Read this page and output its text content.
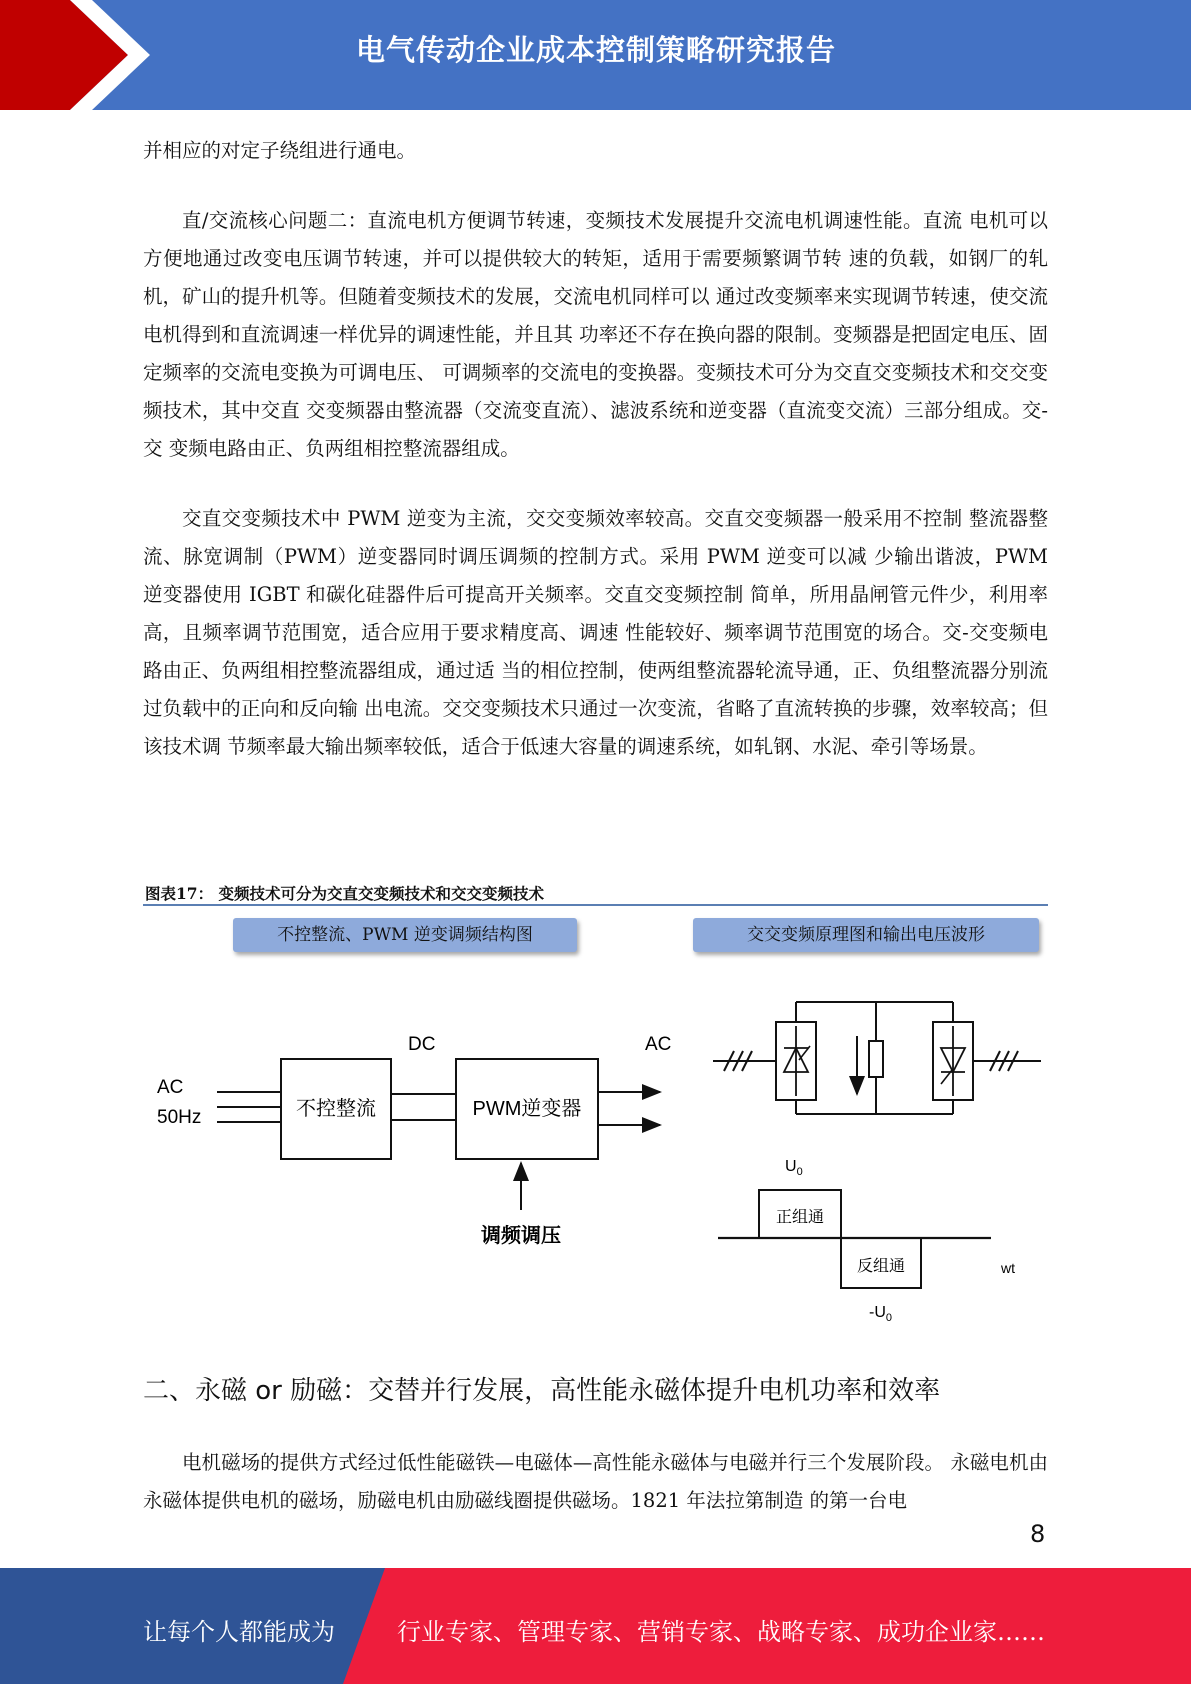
电气传动企业成本控制策略研究报告

并相应的对定子绕组进行通电。

直/交流核心问题二：直流电机方便调节转速，变频技术发展提升交流电机调速性能。直流 电机可以方便地通过改变电压调节转速，并可以提供较大的转矩，适用于需要频繁调节转 速的负载，如钢厂的轧机，矿山的提升机等。但随着变频技术的发展，交流电机同样可以 通过改变频率来实现调节转速，使交流电机得到和直流调速一样优异的调速性能，并且其 功率还不存在换向器的限制。变频器是把固定电压、固定频率的交流电变换为可调电压、 可调频率的交流电的变换器。变频技术可分为交直交变频技术和交交变频技术，其中交直 交变频器由整流器（交流变直流）、滤波系统和逆变器（直流变交流）三部分组成。交-交 变频电路由正、负两组相控整流器组成。

交直交变频技术中 PWM 逆变为主流，交交变频效率较高。交直交变频器一般采用不控制 整流器整流、脉宽调制（PWM）逆变器同时调压调频的控制方式。采用 PWM 逆变可以减 少输出谐波，PWM 逆变器使用 IGBT 和碳化硅器件后可提高开关频率。交直交变频控制 简单，所用晶闸管元件少，利用率高，且频率调节范围宽，适合应用于要求精度高、调速 性能较好、频率调节范围宽的场合。交-交变频电路由正、负两组相控整流器组成，通过适 当的相位控制，使两组整流器轮流导通，正、负组整流器分别流过负载中的正向和反向输 出电流。交交变频技术只通过一次变流，省略了直流转换的步骤，效率较高；但该技术调 节频率最大输出频率较低，适合于低速大容量的调速系统，如轧钢、水泥、牵引等场景。

图表17： 变频技术可分为交直交变频技术和交交变频技术
不控整流、PWM 逆变调频结构图	交交变频原理图和输出电压波形
AC
50Hz	不控整流
DC
PWM逆变器
AC
调频调压
$U_0$
正组通
反组通	wt
$-U_0$
二、永磁 or 励磁：交替并行发展，高性能永磁体提升电机功率和效率

电机磁场的提供方式经过低性能磁铁—电磁体—高性能永磁体与电磁并行三个发展阶段。 永磁电机由永磁体提供电机的磁场，励磁电机由励磁线圈提供磁场。1821 年法拉第制造 的第一台电

8
让每个人都能成为	行业专家、管理专家、营销专家、战略专家、成功企业家……
